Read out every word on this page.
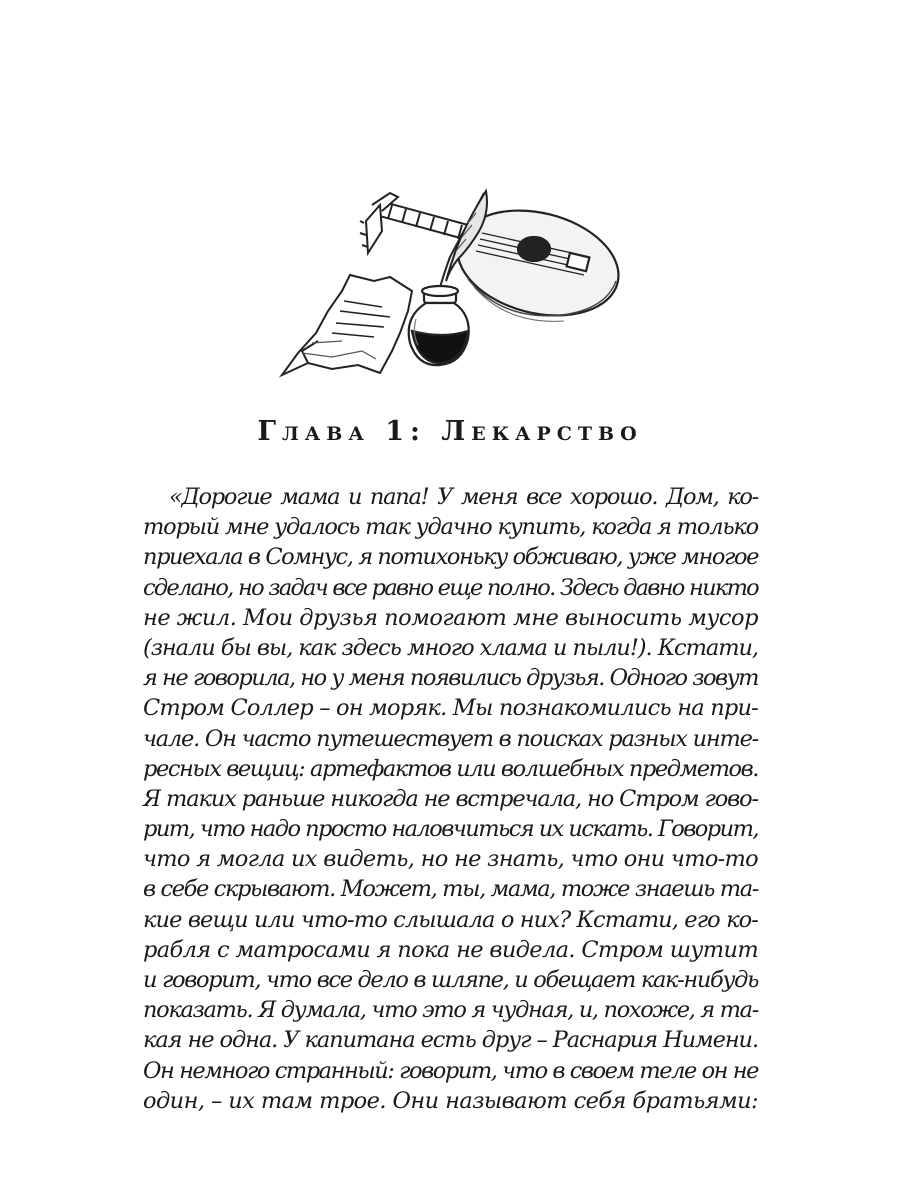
Глава 1: Лекарство
«Дорогие мама и папа! У меня все хорошо. Дом, ко-
торый мне удалось так удачно купить, когда я только
приехала в Сомнус, я потихоньку обживаю, уже многое
сделано, но задач все равно еще полно. Здесь давно никто
не жил. Мои друзья помогают мне выносить мусор
(знали бы вы, как здесь много хлама и пыли!). Кстати,
я не говорила, но у меня появились друзья. Одного зовут
Стром Соллер – он моряк. Мы познакомились на при-
чале. Он часто путешествует в поисках разных инте-
ресных вещиц: артефактов или волшебных предметов.
Я таких раньше никогда не встречала, но Стром гово-
рит, что надо просто наловчиться их искать. Говорит,
что я могла их видеть, но не знать, что они что-то
в себе скрывают. Может, ты, мама, тоже знаешь та-
кие вещи или что-то слышала о них? Кстати, его ко-
рабля с матросами я пока не видела. Стром шутит
и говорит, что все дело в шляпе, и обещает как-нибудь
показать. Я думала, что это я чудная, и, похоже, я та-
кая не одна. У капитана есть друг – Раснария Нимени.
Он немного странный: говорит, что в своем теле он не
один, – их там трое. Они называют себя братьями:
